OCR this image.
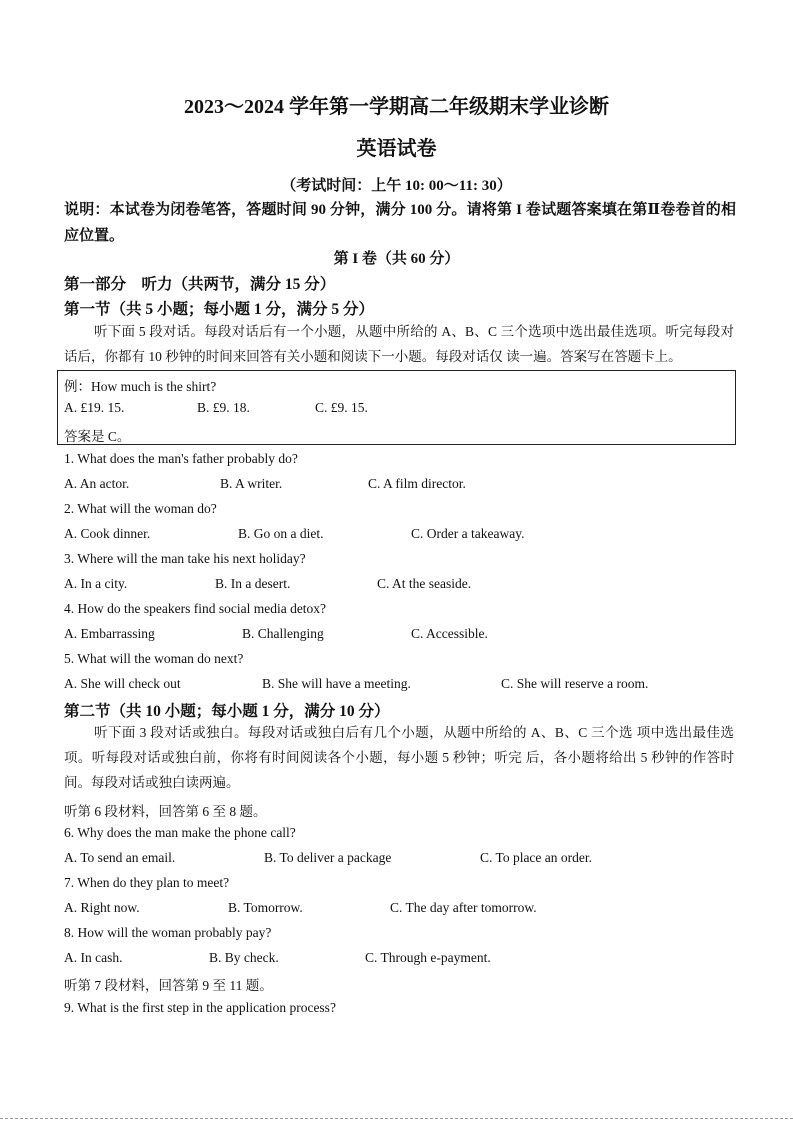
2023～2024 学年第一学期高二年级期末学业诊断
英语试卷
（考试时间：上午 10: 00～11: 30）
说明：本试卷为闭卷笔答，答题时间 90 分钟，满分 100 分。请将第 I 卷试题答案填在第Ⅱ卷卷首的相应位置。
第 I 卷（共 60 分）
第一部分　听力（共两节，满分 15 分）
第一节（共 5 小题；每小题 1 分，满分 5 分）
听下面 5 段对话。每段对话后有一个小题，从题中所给的 A、B、C 三个选项中选出最佳选项。听完每段对话后，你都有 10 秒钟的时间来回答有关小题和阅读下一小题。每段对话仅 读一遍。答案写在答题卡上。
例：How much is the shirt?
A. £19. 15.	B. £9. 18.	C. £9. 15.
答案是 C。
1. What does the man's father probably do?
A. An actor.	B. A writer.	C. A film director.
2. What will the woman do?
A. Cook dinner.	B. Go on a diet.	C. Order a takeaway.
3. Where will the man take his next holiday?
A. In a city.	B. In a desert.	C. At the seaside.
4. How do the speakers find social media detox?
A. Embarrassing	B. Challenging	C. Accessible.
5. What will the woman do next?
A. She will check out	B. She will have a meeting.	C. She will reserve a room.
第二节（共 10 小题；每小题 1 分，满分 10 分）
听下面 3 段对话或独白。每段对话或独白后有几个小题，从题中所给的 A、B、C 三个选 项中选出最佳选项。听每段对话或独白前，你将有时间阅读各个小题，每小题 5 秒钟；听完 后，各小题将给出 5 秒钟的作答时间。每段对话或独白读两遍。
听第 6 段材料，回答第 6 至 8 题。
6. Why does the man make the phone call?
A. To send an email.	B. To deliver a package	C. To place an order.
7. When do they plan to meet?
A. Right now.	B. Tomorrow.	C. The day after tomorrow.
8. How will the woman probably pay?
A. In cash.	B. By check.	C. Through e-payment.
听第 7 段材料，回答第 9 至 11 题。
9. What is the first step in the application process?
